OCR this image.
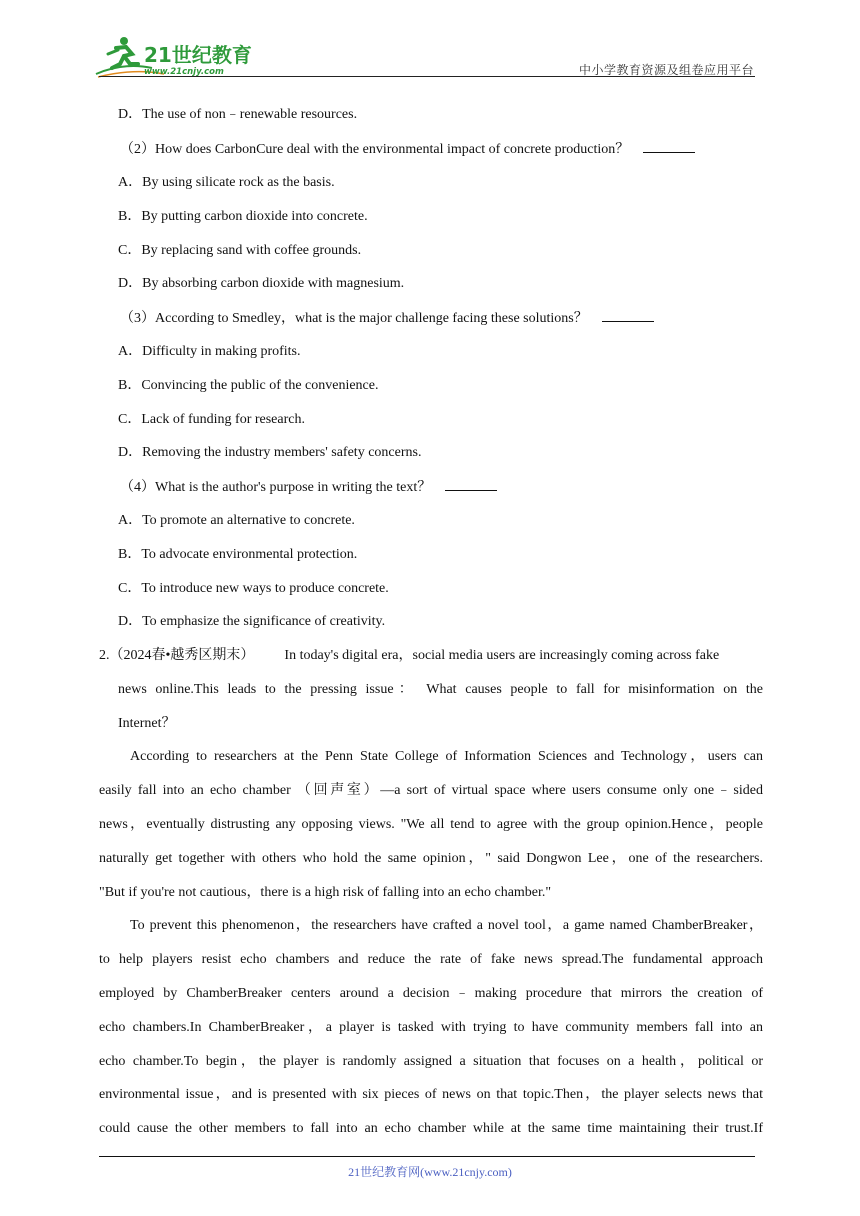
21世纪教育
www.21cnjy.com	中小学教育资源及组卷应用平台
D．The use of non﹣renewable resources.
（2）How does CarbonCure deal with the environmental impact of concrete production？
A．By using silicate rock as the basis.
B．By putting carbon dioxide into concrete.
C．By replacing sand with coffee grounds.
D．By absorbing carbon dioxide with magnesium.
（3）According to Smedley，what is the major challenge facing these solutions？
A．Difficulty in making profits.
B．Convincing the public of the convenience.
C．Lack of funding for research.
D．Removing the industry members' safety concerns.
（4）What is the author's purpose in writing the text？
A．To promote an alternative to concrete.
B．To advocate environmental protection.
C．To introduce new ways to produce concrete.
D．To emphasize the significance of creativity.
2.（2024春•越秀区期末） In today's digital era，social media users are increasingly coming across fake
news online.This leads to the pressing issue： What causes people to fall for misinformation on the
Internet？
According to researchers at the Penn State College of Information Sciences and Technology，users can
easily fall into an echo chamber （回声室）—a sort of virtual space where users consume only one﹣sided
news，eventually distrusting any opposing views. "We all tend to agree with the group opinion.Hence，people
naturally get together with others who hold the same opinion，" said Dongwon Lee，one of the researchers.
"But if you're not cautious，there is a high risk of falling into an echo chamber."
To prevent this phenomenon，the researchers have crafted a novel tool，a game named ChamberBreaker，
to help players resist echo chambers and reduce the rate of fake news spread.The fundamental approach
employed by ChamberBreaker centers around a decision﹣making procedure that mirrors the creation of
echo chambers.In ChamberBreaker，a player is tasked with trying to have community members fall into an
echo chamber.To begin，the player is randomly assigned a situation that focuses on a health，political or
environmental issue，and is presented with six pieces of news on that topic.Then，the player selects news that
could cause the other members to fall into an echo chamber while at the same time maintaining their trust.If
21世纪教育网(www.21cnjy.com)
